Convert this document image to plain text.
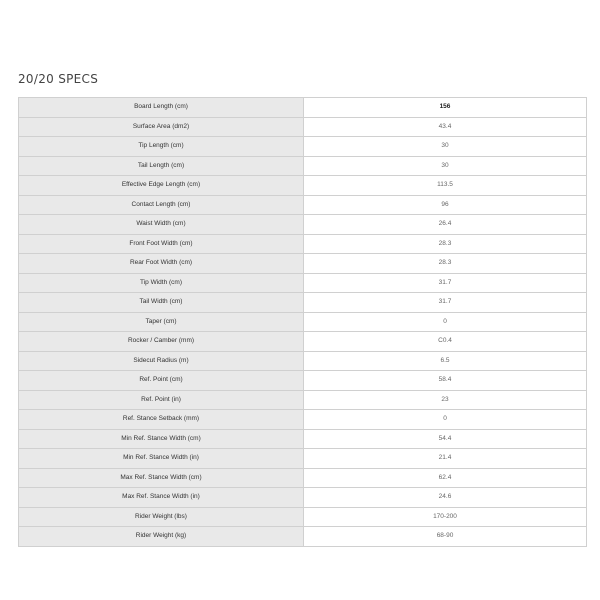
20/20 SPECS
Board Length (cm)	156
Surface Area (dm2)	43.4
Tip Length (cm)	30
Tail Length (cm)	30
Effective Edge Length (cm)	113.5
Contact Length (cm)	96
Waist Width (cm)	26.4
Front Foot Width (cm)	28.3
Rear Foot Width (cm)	28.3
Tip Width (cm)	31.7
Tail Width (cm)	31.7
Taper (cm)	0
Rocker / Camber (mm)	C0.4
Sidecut Radius (m)	6.5
Ref. Point (cm)	58.4
Ref. Point (in)	23
Ref. Stance Setback (mm)	0
Min Ref. Stance Width (cm)	54.4
Min Ref. Stance Width (in)	21.4
Max Ref. Stance Width (cm)	62.4
Max Ref. Stance Width (in)	24.6
Rider Weight (lbs)	170-200
Rider Weight (kg)	68-90
